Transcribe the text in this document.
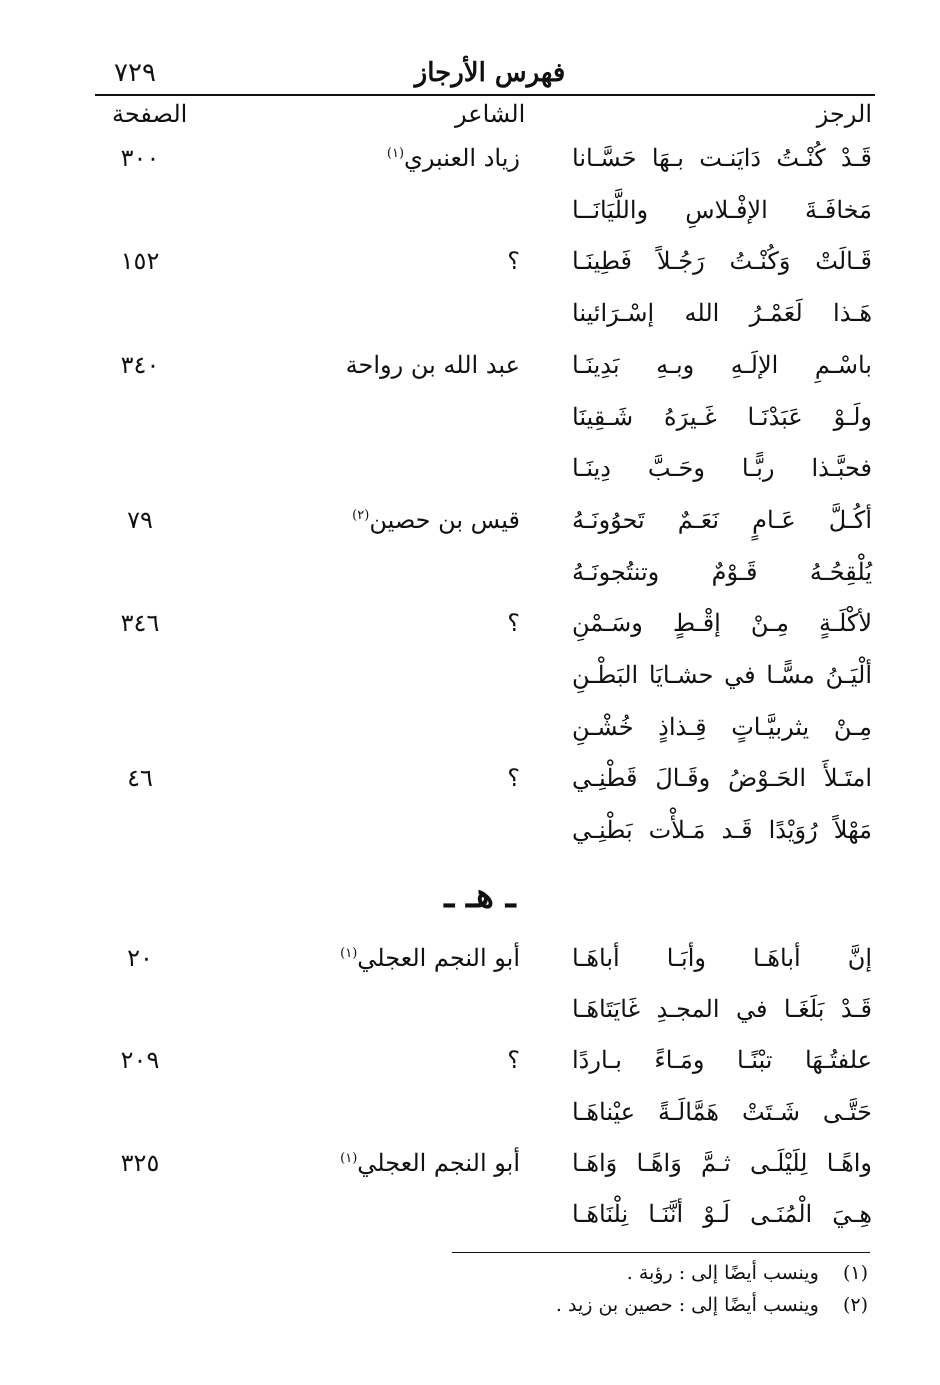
٧٢٩	فهرس الأرجاز
الرجز
الشاعر
الصفحة
قَـدْ كُنْـتُ دَايَنـت بـهَا حَسَّـانا
زياد العنبري$^{(١)}$
٣٠٠
مَخافَـةَ الإفْـلاسِ واللَّيَانَــا
قَـالَتْ وَكُنْـتُ رَجُـلاً فَطِينَـا
؟
١٥٢
هَـذا لَعَمْـرُ الله إسْـرَائينا
باسْـمِ الإلَـهِ وبـهِ بَدِينَـا
عبد الله بن رواحة
٣٤٠
ولَـوْ عَبَدْنَـا غَـيرَهُ شَـقِينَا
فحبَّـذا ربًّـا وحَـبَّ دِينَـا
أكُـلَّ عَـامٍ نَعَـمٌ تَحوُونَـهُ
قيس بن حصين$^{(٢)}$
٧٩
يُلْقِحُـهُ قَـوْمٌ وتنتُجونَـهُ
لأكْلَـةٍ مِـنْ إقْـطٍ وسَـمْنِ
؟
٣٤٦
ألْيَـنُ مسًّـا في حشـايَا البَطْـنِ
مِـنْ يثربيَّـاتٍ قِـذاذٍ خُشْـنِ
امتَـلأَ الحَـوْضُ وقَـالَ قَطْنِـي
؟
٤٦
مَهْلاً رُوَيْدًا قَـد مَـلأْت بَطْنِـي
ـ هـ ـ
إنَّ أباهَـا وأبَـا أباهَـا
أبو النجم العجلي$^{(١)}$
٢٠
قَـدْ بَلَغَـا في المجـدِ غَايَتَاهَـا
علفتُـهَا تبْنًـا ومَـاءً بـاردًا
؟
٢٠٩
حَتَّـى شَـتَتْ هَمَّالَـةً عيْناهَـا
واهًـا لِلَيْلَـى ثـمَّ وَاهًـا وَاهَـا
أبو النجم العجلي$^{(١)}$
٣٢٥
هِـيَ الْمُنَـى لَـوْ أنَّنَـا نِلْنَاهَـا
(١)    وينسب أيضًا إلى : رؤبة .
(٢)    وينسب أيضًا إلى : حصين بن زيد .
